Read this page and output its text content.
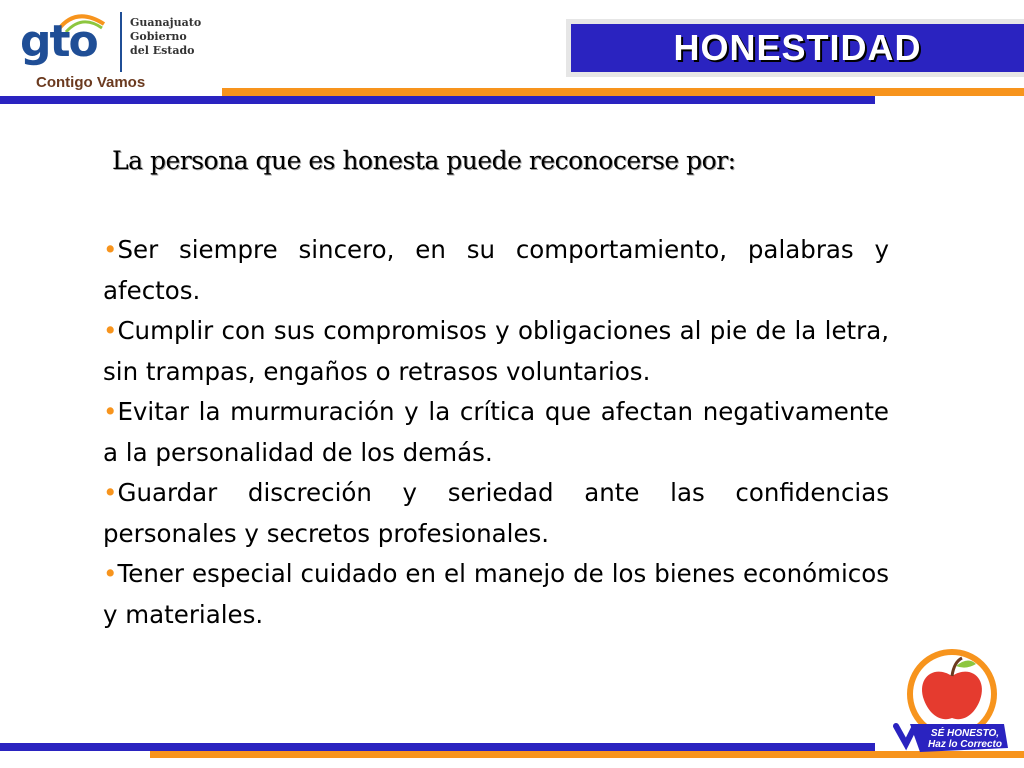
gto	Guanajuato
Gobierno
del Estado
Contigo Vamos
HONESTIDAD

La persona que es honesta puede reconocerse por:

• Ser siempre sincero, en su comportamiento, palabras y afectos.
• Cumplir con sus compromisos y obligaciones al pie de la letra, sin trampas, engaños o retrasos voluntarios.
• Evitar la murmuración y la crítica que afectan negativamente a la personalidad de los demás.
• Guardar discreción y seriedad ante las confidencias personales y secretos profesionales.
• Tener especial cuidado en el manejo de los bienes económicos y materiales.
SÉ HONESTO,
Haz lo Correcto
